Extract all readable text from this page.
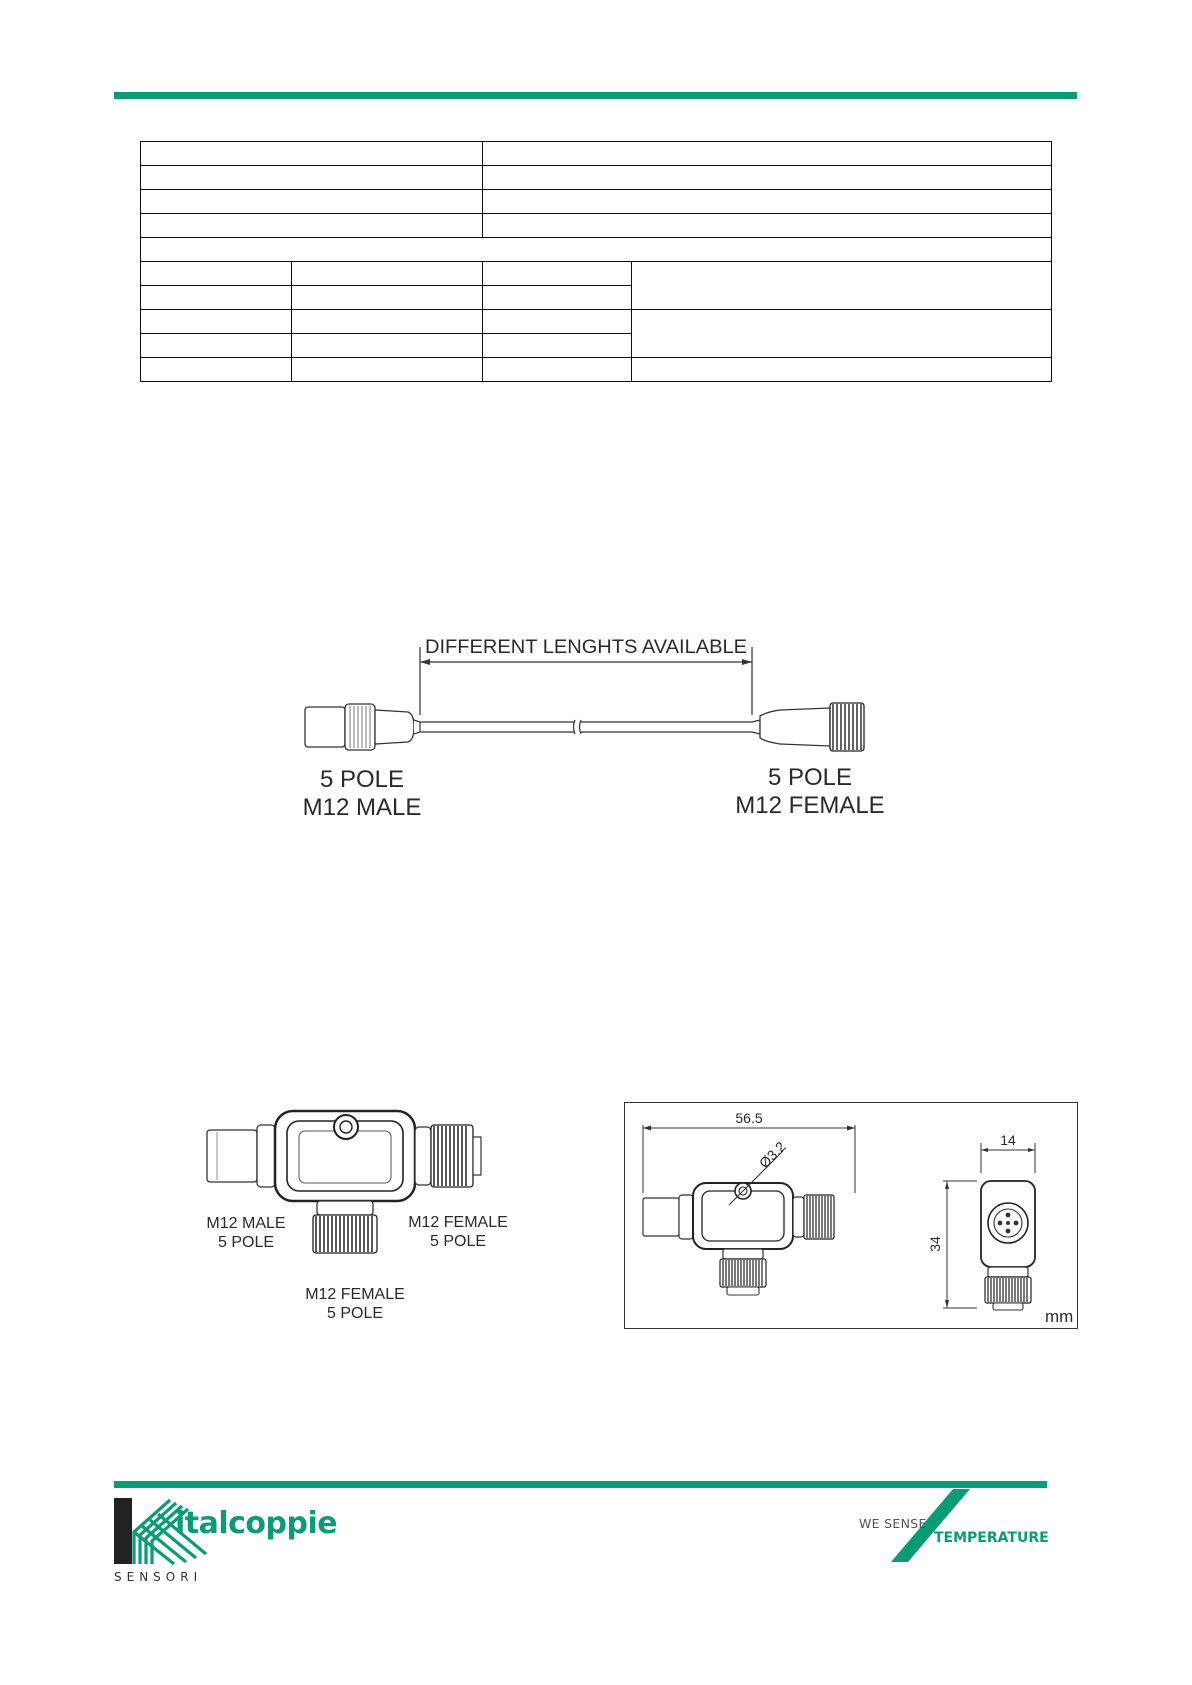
DIFFERENT LENGHTS AVAILABLE
5 POLE
M12 MALE
5 POLE
M12 FEMALE
M12 MALE
5 POLE
M12 FEMALE
5 POLE
M12 FEMALE
5 POLE
56.5
Ø3.2	14
34
mm
italcoppie
SENSORI
WE SENSE
TEMPERATURE
